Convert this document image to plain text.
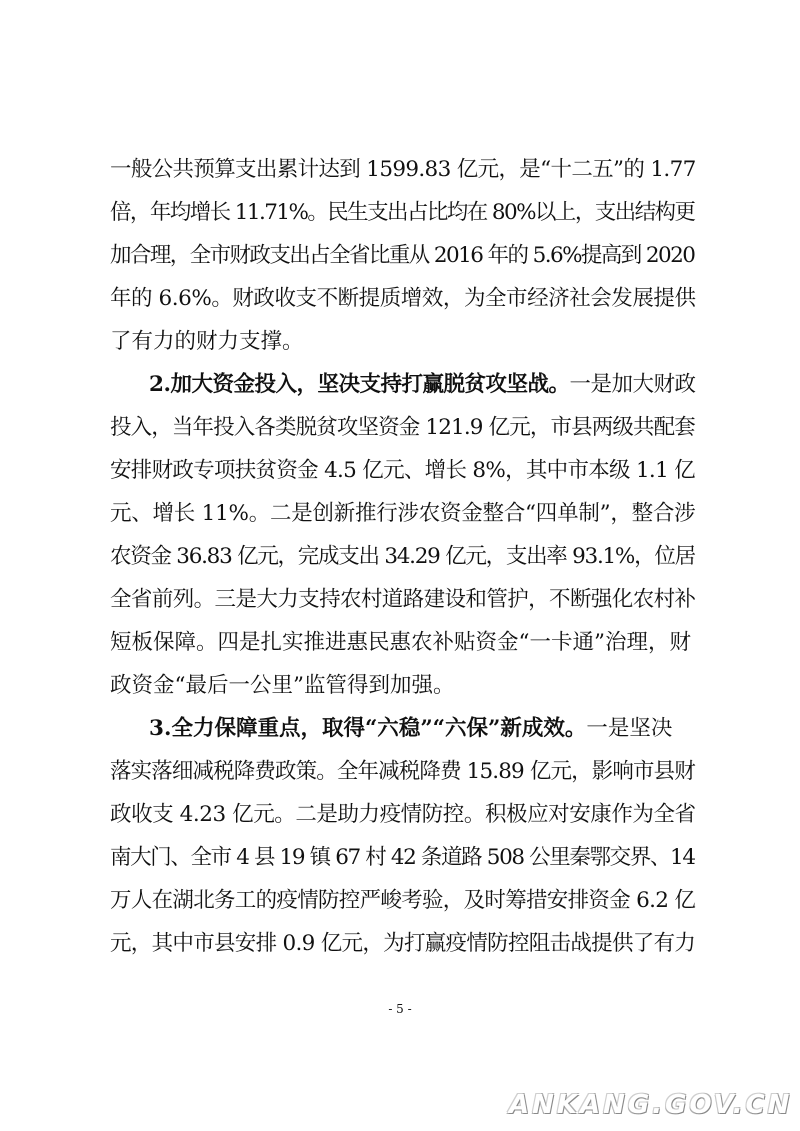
一般公共预算支出累计达到 1599.83 亿元，是“十二五”的 1.77
倍，年均增长 11.71%。民生支出占比均在 80%以上，支出结构更
加合理，全市财政支出占全省比重从 2016 年的 5.6%提高到 2020
年的 6.6%。财政收支不断提质增效，为全市经济社会发展提供
了有力的财力支撑。
2.加大资金投入，坚决支持打赢脱贫攻坚战。一是加大财政
投入，当年投入各类脱贫攻坚资金 121.9 亿元，市县两级共配套
安排财政专项扶贫资金 4.5 亿元、增长 8%，其中市本级 1.1 亿
元、增长 11%。二是创新推行涉农资金整合“四单制”，整合涉
农资金 36.83 亿元，完成支出 34.29 亿元，支出率 93.1%，位居
全省前列。三是大力支持农村道路建设和管护，不断强化农村补
短板保障。四是扎实推进惠民惠农补贴资金“一卡通”治理，财
政资金“最后一公里”监管得到加强。
3.全力保障重点，取得“六稳”“六保”新成效。一是坚决
落实落细减税降费政策。全年减税降费 15.89 亿元，影响市县财
政收支 4.23 亿元。二是助力疫情防控。积极应对安康作为全省
南大门、全市 4 县 19 镇 67 村 42 条道路 508 公里秦鄂交界、14
万人在湖北务工的疫情防控严峻考验，及时筹措安排资金 6.2 亿
元，其中市县安排 0.9 亿元，为打赢疫情防控阻击战提供了有力
- 5 -
ANKANG.GOV.CN
